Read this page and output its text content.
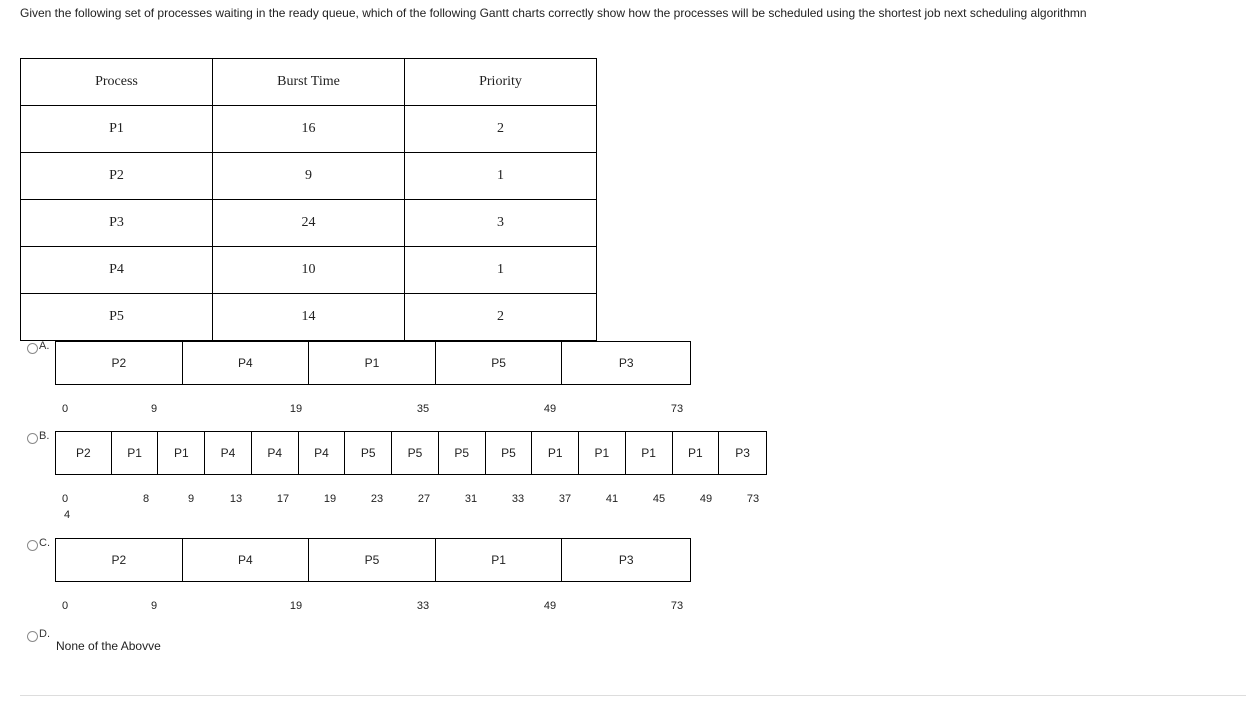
Given the following set of processes waiting in the ready queue, which of the following Gantt charts correctly show how the processes will be scheduled using the shortest job next scheduling algorithmn
Process	Burst Time	Priority
P1	16	2
P2	9	1
P3	24	3
P4	10	1
P5	14	2
A.
P2	P4	P1	P5	P3
0	9	19	35	49	73
B.
P2	P1	P1	P4	P4	P4	P5	P5	P5	P5	P1	P1	P1	P1	P3
0
4
8	9	13	17	19	23	27	31	33	37	41	45	49	73
C.
P2	P4	P5	P1	P3
0	9	19	33	49	73
D.
None of the Abovve
